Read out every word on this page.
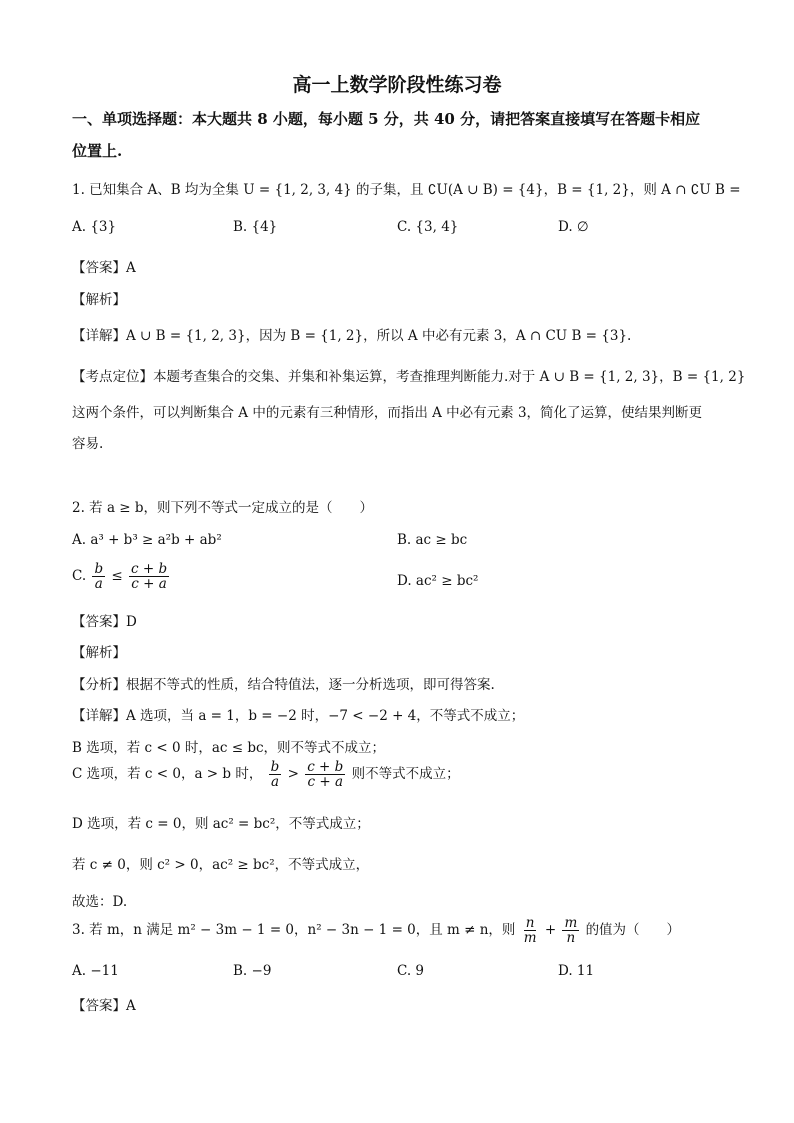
高一上数学阶段性练习卷
一、单项选择题：本大题共 8 小题，每小题 5 分，共 40 分，请把答案直接填写在答题卡相应
位置上.
1. 已知集合 A、B 均为全集 U = {1, 2, 3, 4} 的子集，且 ∁U(A ∪ B) = {4}，B = {1, 2}，则 A ∩ ∁U B =
A. {3}	B. {4}	C. {3, 4}	D. ∅
【答案】A
【解析】
【详解】A ∪ B = {1, 2, 3}，因为 B = {1, 2}，所以 A 中必有元素 3，A ∩ CU B = {3}.
【考点定位】本题考查集合的交集、并集和补集运算，考查推理判断能力.对于 A ∪ B = {1, 2, 3}，B = {1, 2}
这两个条件，可以判断集合 A 中的元素有三种情形，而指出 A 中必有元素 3，简化了运算，使结果判断更
容易.
2. 若 a ≥ b，则下列不等式一定成立的是（　　）
A. a³ + b³ ≥ a²b + ab²	B. ac ≥ bc
C. $\frac{b}{a} \le \frac{c + b}{c + a}$	D. ac² ≥ bc²
【答案】D
【解析】
【分析】根据不等式的性质，结合特值法，逐一分析选项，即可得答案.
【详解】A 选项，当 a = 1，b = −2 时，−7 < −2 + 4，不等式不成立；
B 选项，若 c < 0 时，ac ≤ bc，则不等式不成立；
C 选项，若 c < 0，a > b 时， $\frac{b}{a} > \frac{c + b}{c + a}$ 则不等式不成立；
D 选项，若 c = 0，则 ac² = bc²，不等式成立；
若 c ≠ 0，则 c² > 0，ac² ≥ bc²，不等式成立，
故选：D.
3. 若 m，n 满足 m² − 3m − 1 = 0，n² − 3n − 1 = 0，且 m ≠ n，则 $\frac{n}{m} + \frac{m}{n}$ 的值为（　　）
A. −11	B. −9	C. 9	D. 11
【答案】A
